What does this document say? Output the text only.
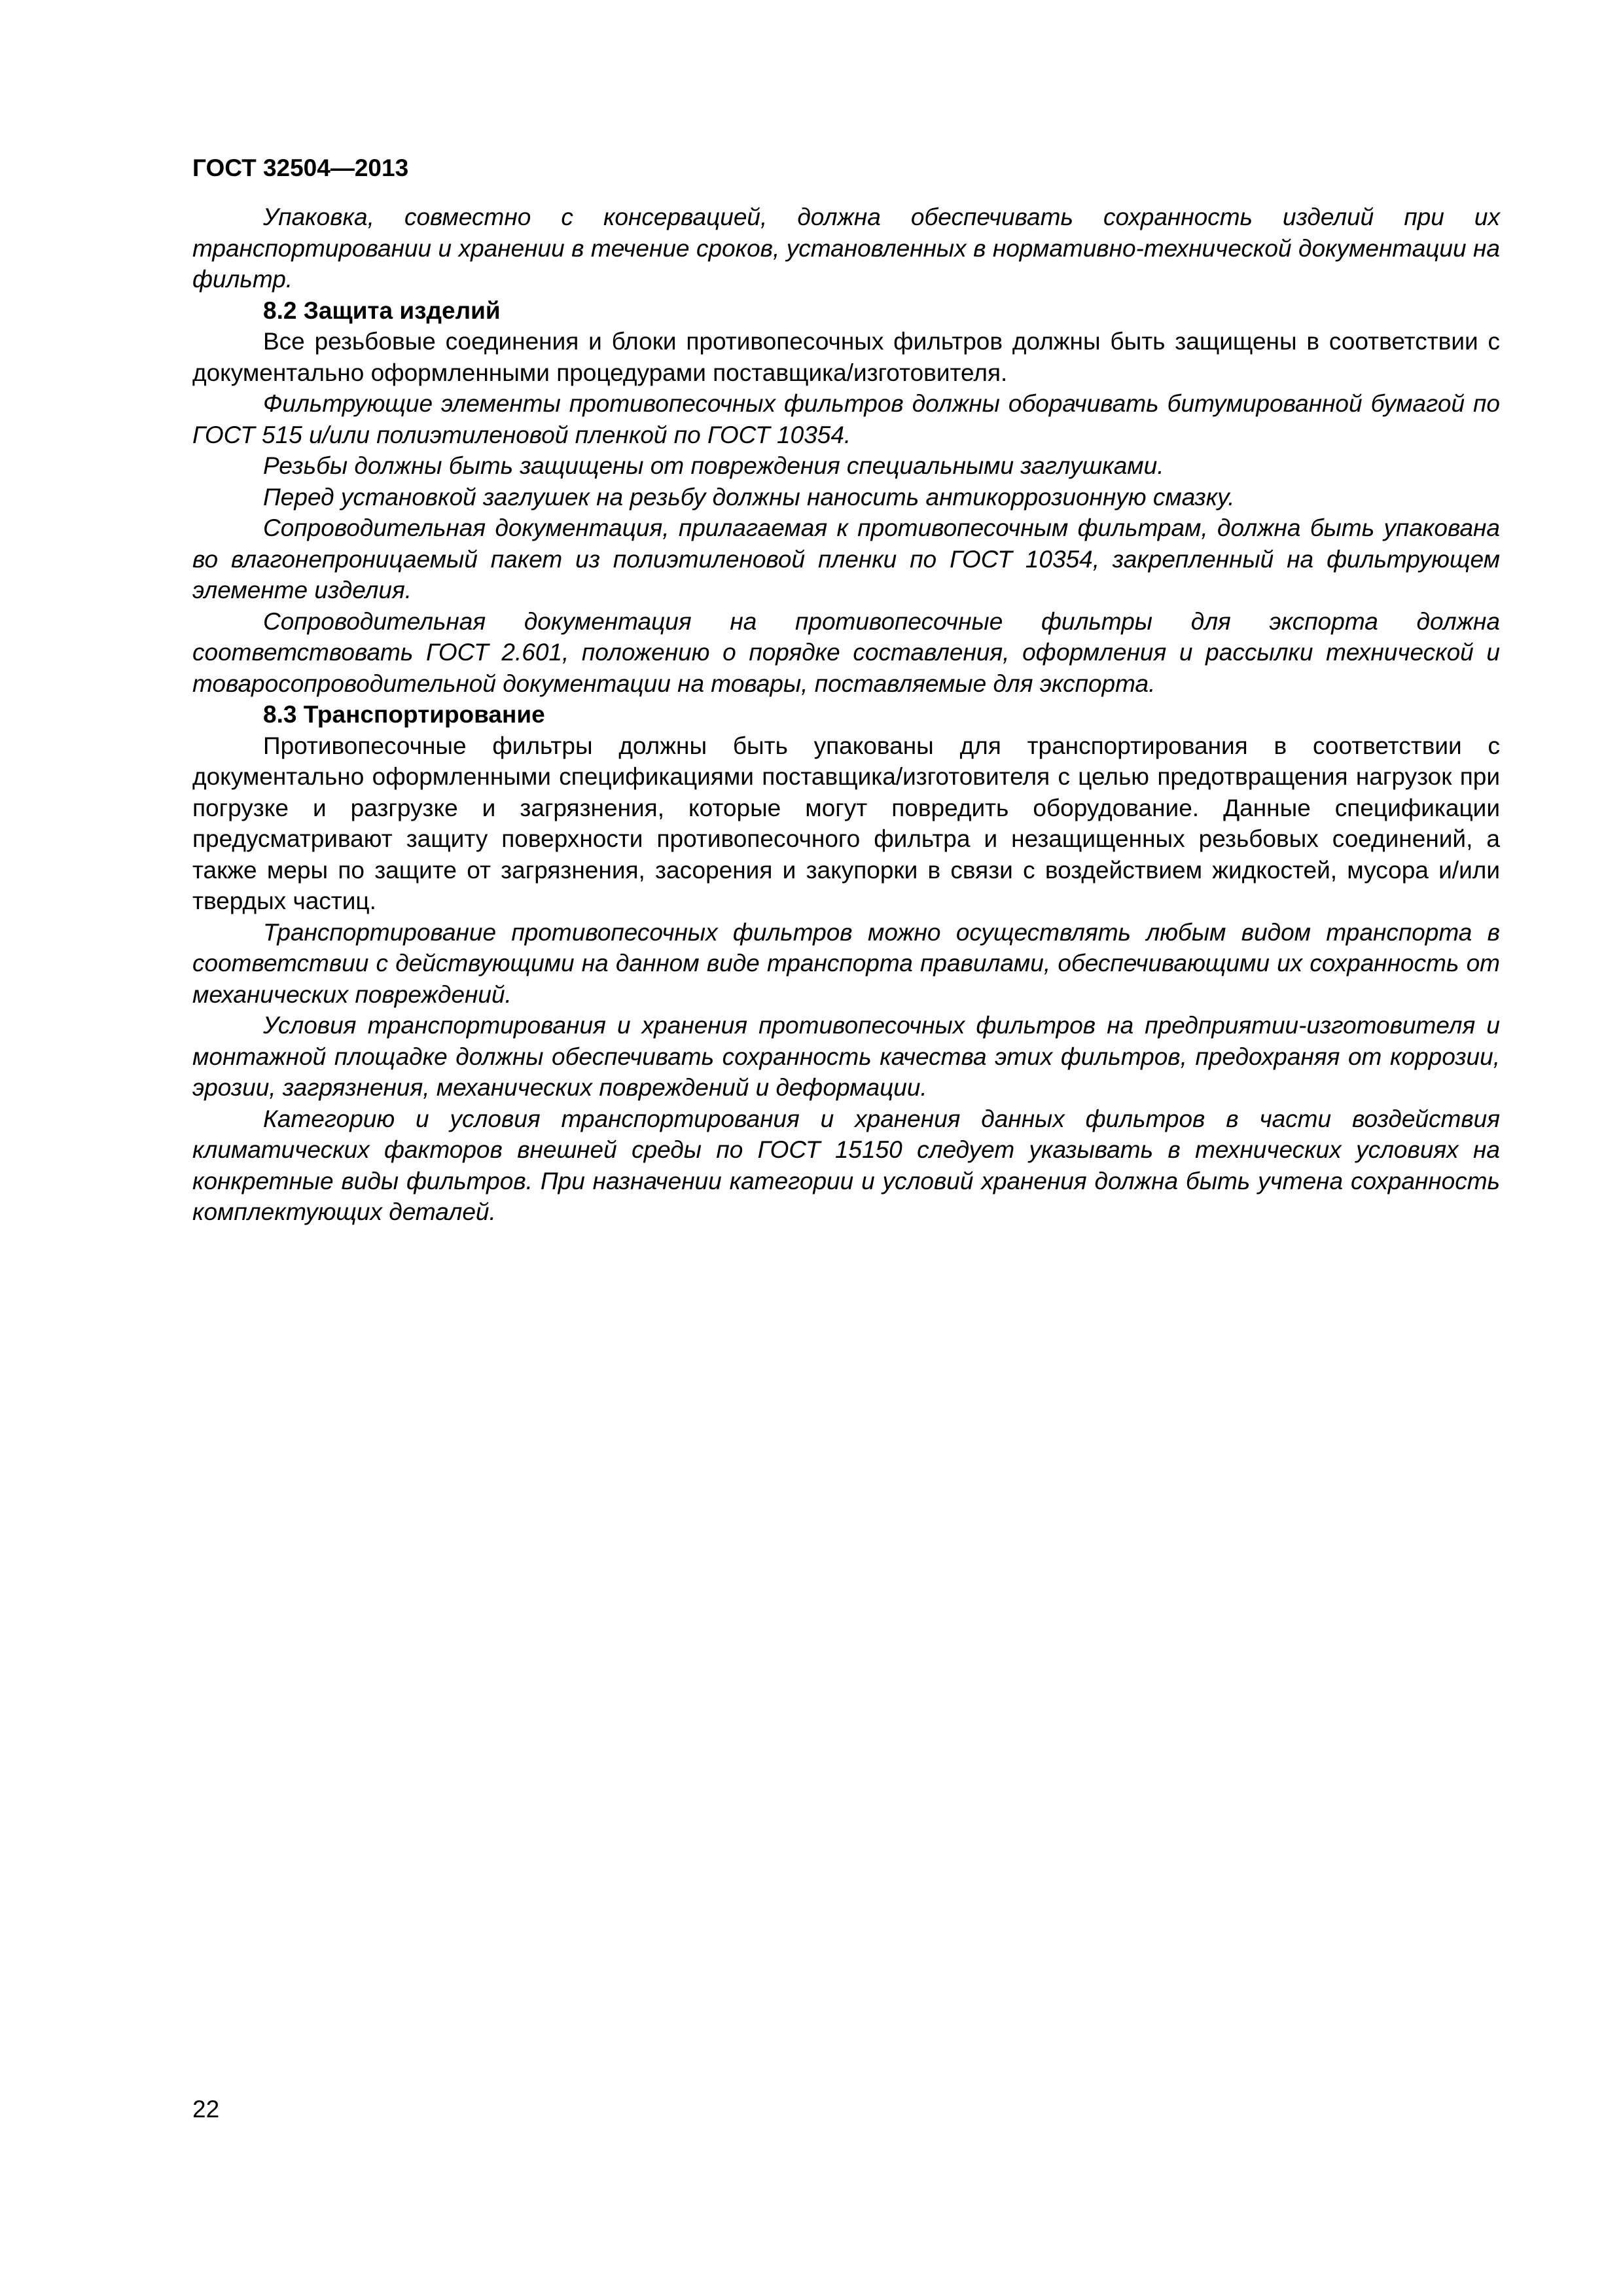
ГОСТ 32504—2013

Упаковка, совместно с консервацией, должна обеспечивать сохранность изделий при их транспортировании и хранении в течение сроков, установленных в нормативно-технической документации на фильтр.

8.2 Защита изделий

Все резьбовые соединения и блоки противопесочных фильтров должны быть защищены в соответствии с документально оформленными процедурами поставщика/изготовителя.

Фильтрующие элементы противопесочных фильтров должны оборачивать битумированной бумагой по ГОСТ 515 и/или полиэтиленовой пленкой по ГОСТ 10354.

Резьбы должны быть защищены от повреждения специальными заглушками.

Перед установкой заглушек на резьбу должны наносить антикоррозионную смазку.

Сопроводительная документация, прилагаемая к противопесочным фильтрам, должна быть упакована во влагонепроницаемый пакет из полиэтиленовой пленки по ГОСТ 10354, закрепленный на фильтрующем элементе изделия.

Сопроводительная документация на противопесочные фильтры для экспорта должна соответствовать ГОСТ 2.601, положению о порядке составления, оформления и рассылки технической и товаросопроводительной документации на товары, поставляемые для экспорта.

8.3 Транспортирование

Противопесочные фильтры должны быть упакованы для транспортирования в соответствии с документально оформленными спецификациями поставщика/изготовителя с целью предотвращения нагрузок при погрузке и разгрузке и загрязнения, которые могут повредить оборудование. Данные спецификации предусматривают защиту поверхности противопесочного фильтра и незащищенных резьбовых соединений, а также меры по защите от загрязнения, засорения и закупорки в связи с воздействием жидкостей, мусора и/или твердых частиц.

Транспортирование противопесочных фильтров можно осуществлять любым видом транспорта в соответствии с действующими на данном виде транспорта правилами, обеспечивающими их сохранность от механических повреждений.

Условия транспортирования и хранения противопесочных фильтров на предприятии-изготовителя и монтажной площадке должны обеспечивать сохранность качества этих фильтров, предохраняя от коррозии, эрозии, загрязнения, механических повреждений и деформации.

Категорию и условия транспортирования и хранения данных фильтров в части воздействия климатических факторов внешней среды по ГОСТ 15150 следует указывать в технических условиях на конкретные виды фильтров. При назначении категории и условий хранения должна быть учтена сохранность комплектующих деталей.

22
